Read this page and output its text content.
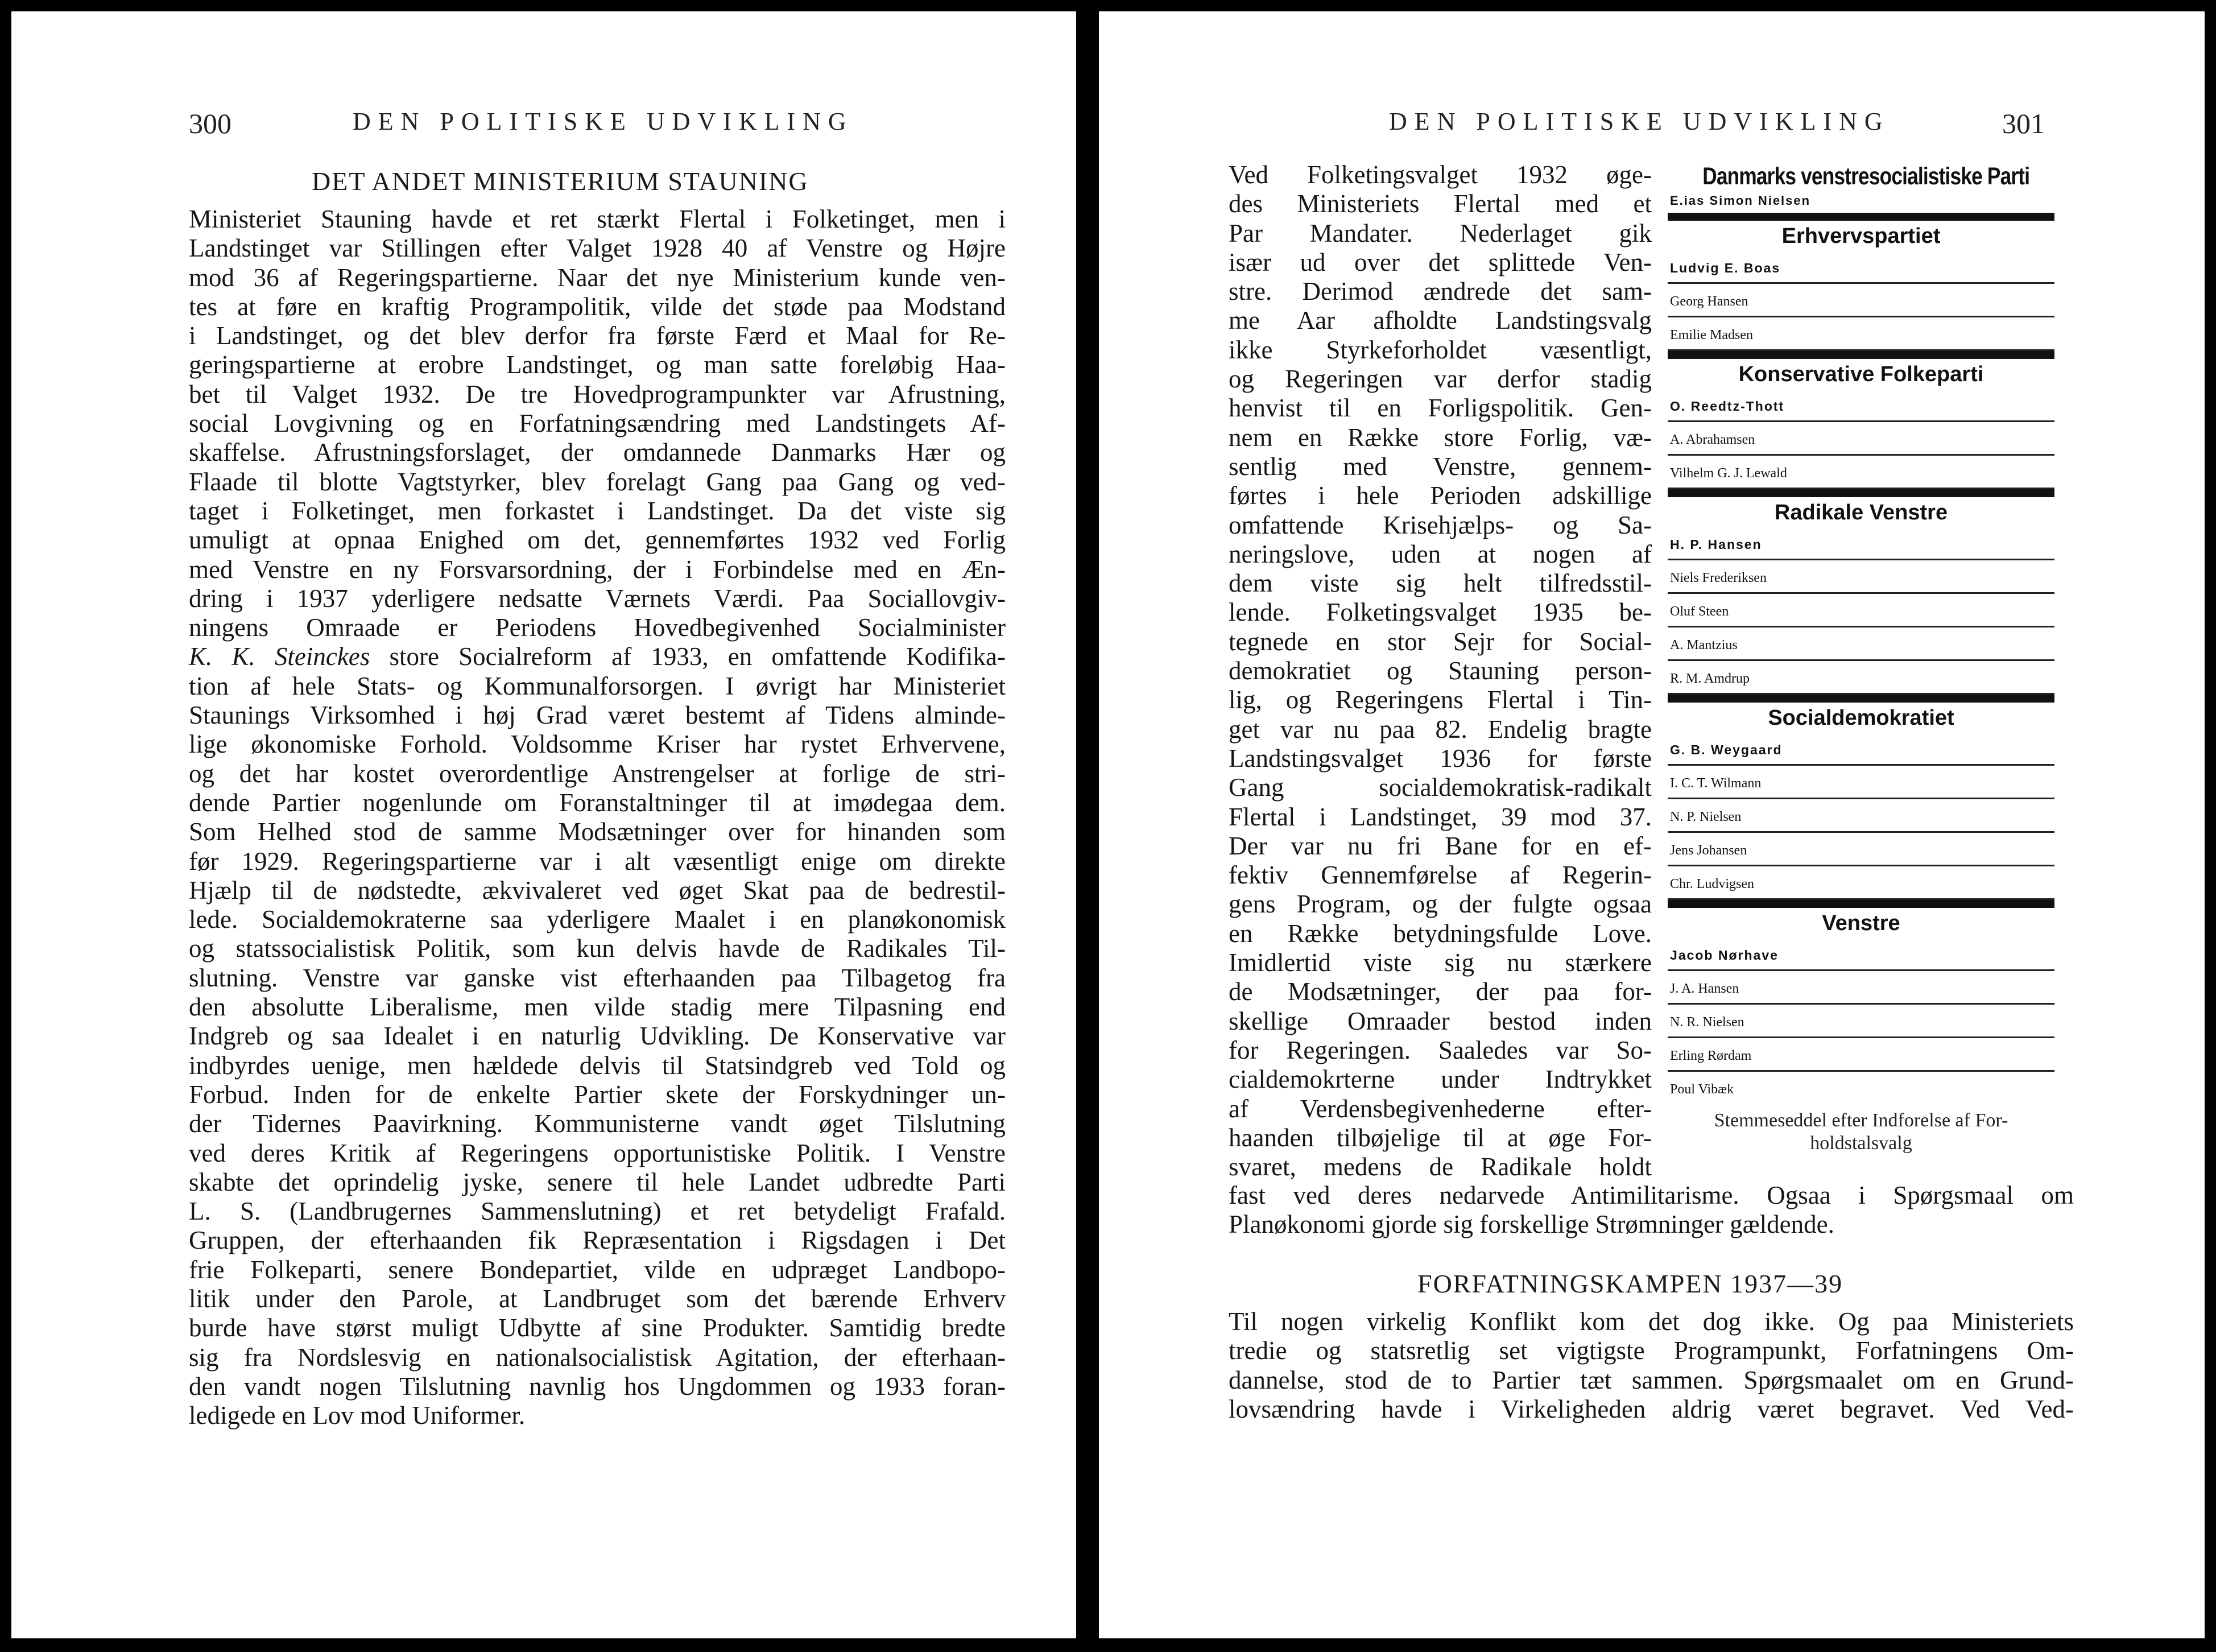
300	DEN POLITISKE UDVIKLING
DET ANDET MINISTERIUM STAUNING
Ministeriet Stauning havde et ret stærkt Flertal i Folketinget, men i
Landstinget var Stillingen efter Valget 1928 40 af Venstre og Højre
mod 36 af Regeringspartierne. Naar det nye Ministerium kunde ven-
tes at føre en kraftig Programpolitik, vilde det støde paa Modstand
i Landstinget, og det blev derfor fra første Færd et Maal for Re-
geringspartierne at erobre Landstinget, og man satte foreløbig Haa-
bet til Valget 1932. De tre Hovedprogrampunkter var Afrustning,
social Lovgivning og en Forfatningsændring med Landstingets Af-
skaffelse. Afrustningsforslaget, der omdannede Danmarks Hær og
Flaade til blotte Vagtstyrker, blev forelagt Gang paa Gang og ved-
taget i Folketinget, men forkastet i Landstinget. Da det viste sig
umuligt at opnaa Enighed om det, gennemførtes 1932 ved Forlig
med Venstre en ny Forsvarsordning, der i Forbindelse med en Æn-
dring i 1937 yderligere nedsatte Værnets Værdi. Paa Sociallovgiv-
ningens Omraade er Periodens Hovedbegivenhed Socialminister
K. K. Steinckes store Socialreform af 1933, en omfattende Kodifika-
tion af hele Stats- og Kommunalforsorgen. I øvrigt har Ministeriet
Staunings Virksomhed i høj Grad været bestemt af Tidens alminde-
lige økonomiske Forhold. Voldsomme Kriser har rystet Erhvervene,
og det har kostet overordentlige Anstrengelser at forlige de stri-
dende Partier nogenlunde om Foranstaltninger til at imødegaa dem.
Som Helhed stod de samme Modsætninger over for hinanden som
før 1929. Regeringspartierne var i alt væsentligt enige om direkte
Hjælp til de nødstedte, ækvivaleret ved øget Skat paa de bedrestil-
lede. Socialdemokraterne saa yderligere Maalet i en planøkonomisk
og statssocialistisk Politik, som kun delvis havde de Radikales Til-
slutning. Venstre var ganske vist efterhaanden paa Tilbagetog fra
den absolutte Liberalisme, men vilde stadig mere Tilpasning end
Indgreb og saa Idealet i en naturlig Udvikling. De Konservative var
indbyrdes uenige, men hældede delvis til Statsindgreb ved Told og
Forbud. Inden for de enkelte Partier skete der Forskydninger un-
der Tidernes Paavirkning. Kommunisterne vandt øget Tilslutning
ved deres Kritik af Regeringens opportunistiske Politik. I Venstre
skabte det oprindelig jyske, senere til hele Landet udbredte Parti
L. S. (Landbrugernes Sammenslutning) et ret betydeligt Frafald.
Gruppen, der efterhaanden fik Repræsentation i Rigsdagen i Det
frie Folkeparti, senere Bondepartiet, vilde en udpræget Landbopo-
litik under den Parole, at Landbruget som det bærende Erhverv
burde have størst muligt Udbytte af sine Produkter. Samtidig bredte
sig fra Nordslesvig en nationalsocialistisk Agitation, der efterhaan-
den vandt nogen Tilslutning navnlig hos Ungdommen og 1933 foran-
ledigede en Lov mod Uniformer.
DEN POLITISKE UDVIKLING	301
Ved Folketingsvalget 1932 øge-
des Ministeriets Flertal med et
Par Mandater. Nederlaget gik
især ud over det splittede Ven-
stre. Derimod ændrede det sam-
me Aar afholdte Landstingsvalg
ikke Styrkeforholdet væsentligt,
og Regeringen var derfor stadig
henvist til en Forligspolitik. Gen-
nem en Række store Forlig, væ-
sentlig med Venstre, gennem-
førtes i hele Perioden adskillige
omfattende Krisehjælps- og Sa-
neringslove, uden at nogen af
dem viste sig helt tilfredsstil-
lende. Folketingsvalget 1935 be-
tegnede en stor Sejr for Social-
demokratiet og Stauning person-
lig, og Regeringens Flertal i Tin-
get var nu paa 82. Endelig bragte
Landstingsvalget 1936 for første
Gang socialdemokratisk-radikalt
Flertal i Landstinget, 39 mod 37.
Der var nu fri Bane for en ef-
fektiv Gennemførelse af Regerin-
gens Program, og der fulgte ogsaa
en Række betydningsfulde Love.
Imidlertid viste sig nu stærkere
de Modsætninger, der paa for-
skellige Omraader bestod inden
for Regeringen. Saaledes var So-
cialdemokrterne under Indtrykket
af Verdensbegivenhederne efter-
haanden tilbøjelige til at øge For-
svaret, medens de Radikale holdt
Danmarks venstresocialistiske Parti
E.ias Simon Nielsen
Erhvervspartiet
Ludvig E. Boas
Georg Hansen
Emilie Madsen
Konservative Folkeparti
O. Reedtz-Thott
A. Abrahamsen
Vilhelm G. J. Lewald
Radikale Venstre
H. P. Hansen
Niels Frederiksen
Oluf Steen
A. Mantzius
R. M. Amdrup
Socialdemokratiet
G. B. Weygaard
I. C. T. Wilmann
N. P. Nielsen
Jens Johansen
Chr. Ludvigsen
Venstre
Jacob Nørhave
J. A. Hansen
N. R. Nielsen
Erling Rørdam
Poul Vibæk
Stemmeseddel efter Indforelse af For-
holdstalsvalg
fast ved deres nedarvede Antimilitarisme. Ogsaa i Spørgsmaal om
Planøkonomi gjorde sig forskellige Strømninger gældende.
FORFATNINGSKAMPEN 1937—39
Til nogen virkelig Konflikt kom det dog ikke. Og paa Ministeriets
tredie og statsretlig set vigtigste Programpunkt, Forfatningens Om-
dannelse, stod de to Partier tæt sammen. Spørgsmaalet om en Grund-
lovsændring havde i Virkeligheden aldrig været begravet. Ved Ved-
